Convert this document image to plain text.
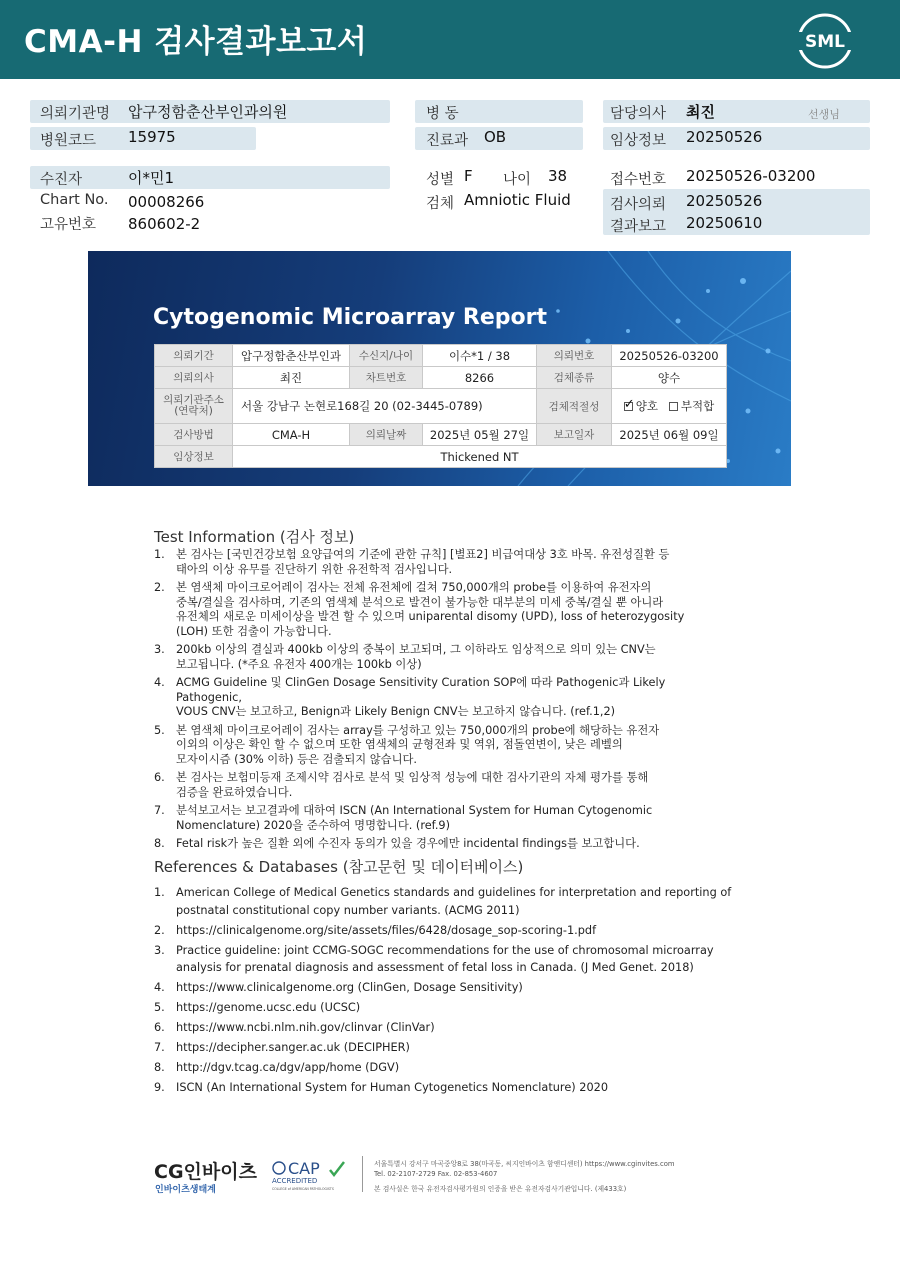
CMA-H 검사결과보고서	SML
의뢰기관명 압구정함춘산부인과의원
병원코드 15975
병 동
진료과 OB
담당의사 최진	선생님
임상정보 20250526
수진자	이*민1
Chart No. 00008266
고유번호 860602-2
성별 F 나이 38
검체 Amniotic Fluid
접수번호 20250526-03200
검사의뢰 20250526
결과보고 20250610
Cytogenomic Microarray Report
의뢰기간	압구정함춘산부인과	수신지/나이	이수*1 / 38	의뢰번호	20250526-03200
의뢰의사	최진	차트번호	8266	검체종류	양수
의뢰기관주소
(연락처)	서울 강남구 논현로168길 20 (02-3445-0789)			검체적절성	✓양호 부적합
검사방법	CMA-H	의뢰날짜	2025년 05월 27일	보고일자	2025년 06월 09일
임상정보	Thickened NT				
Test Information (검사 정보)
1. 본 검사는 [국민건강보험 요양급여의 기준에 관한 규칙] [별표2] 비급여대상 3호 바목. 유전성질환 등
태아의 이상 유무를 진단하기 위한 유전학적 검사입니다.
2. 본 염색체 마이크로어레이 검사는 전체 유전체에 걸쳐 750,000개의 probe를 이용하여 유전자의
중복/결실을 검사하며, 기존의 염색체 분석으로 발견이 불가능한 대부분의 미세 중복/결실 뿐 아니라
유전체의 새로운 미세이상을 발견 할 수 있으며 uniparental disomy (UPD), loss of heterozygosity
(LOH) 또한 검출이 가능합니다.
3. 200kb 이상의 결실과 400kb 이상의 중복이 보고되며, 그 이하라도 임상적으로 의미 있는 CNV는
보고됩니다. (*주요 유전자 400개는 100kb 이상)
4. ACMG Guideline 및 ClinGen Dosage Sensitivity Curation SOP에 따라 Pathogenic과 Likely Pathogenic,
VOUS CNV는 보고하고, Benign과 Likely Benign CNV는 보고하지 않습니다. (ref.1,2)
5. 본 염색체 마이크로어레이 검사는 array를 구성하고 있는 750,000개의 probe에 해당하는 유전자
이외의 이상은 확인 할 수 없으며 또한 염색체의 균형전좌 및 역위, 점돌연변이, 낮은 레벨의
모자이시즘 (30% 이하) 등은 검출되지 않습니다.
6. 본 검사는 보험미등재 조제시약 검사로 분석 및 임상적 성능에 대한 검사기관의 자체 평가를 통해
검증을 완료하였습니다.
7. 분석보고서는 보고결과에 대하여 ISCN (An International System for Human Cytogenomic
Nomenclature) 2020을 준수하여 명명합니다. (ref.9)
8. Fetal risk가 높은 질환 외에 수진자 동의가 있을 경우에만 incidental findings를 보고합니다.
References & Databases (참고문헌 및 데이터베이스)
1. American College of Medical Genetics standards and guidelines for interpretation and reporting of
postnatal constitutional copy number variants. (ACMG 2011)
2. https://clinicalgenome.org/site/assets/files/6428/dosage_sop-scoring-1.pdf
3. Practice guideline: joint CCMG-SOGC recommendations for the use of chromosomal microarray
analysis for prenatal diagnosis and assessment of fetal loss in Canada. (J Med Genet. 2018)
4. https://www.clinicalgenome.org (ClinGen, Dosage Sensitivity)
5. https://genome.ucsc.edu (UCSC)
6. https://www.ncbi.nlm.nih.gov/clinvar (ClinVar)
7. https://decipher.sanger.ac.uk (DECIPHER)
8. http://dgv.tcag.ca/dgv/app/home (DGV)
9. ISCN (An International System for Human Cytogenetics Nomenclature) 2020
CG인바이츠
인바이츠생태계
CAP
ACCREDITED
COLLEGE of AMERICAN PATHOLOGISTS
서울특별시 강서구 마곡중앙8로 38(마곡동, 씨지인바이츠 함앤디센터) https://www.cginvites.com
Tel. 02-2107-2729 Fax. 02-853-4607
본 검사실은 한국 유전자검사평가원의 인증을 받은 유전자검사기관입니다. (제433호)
